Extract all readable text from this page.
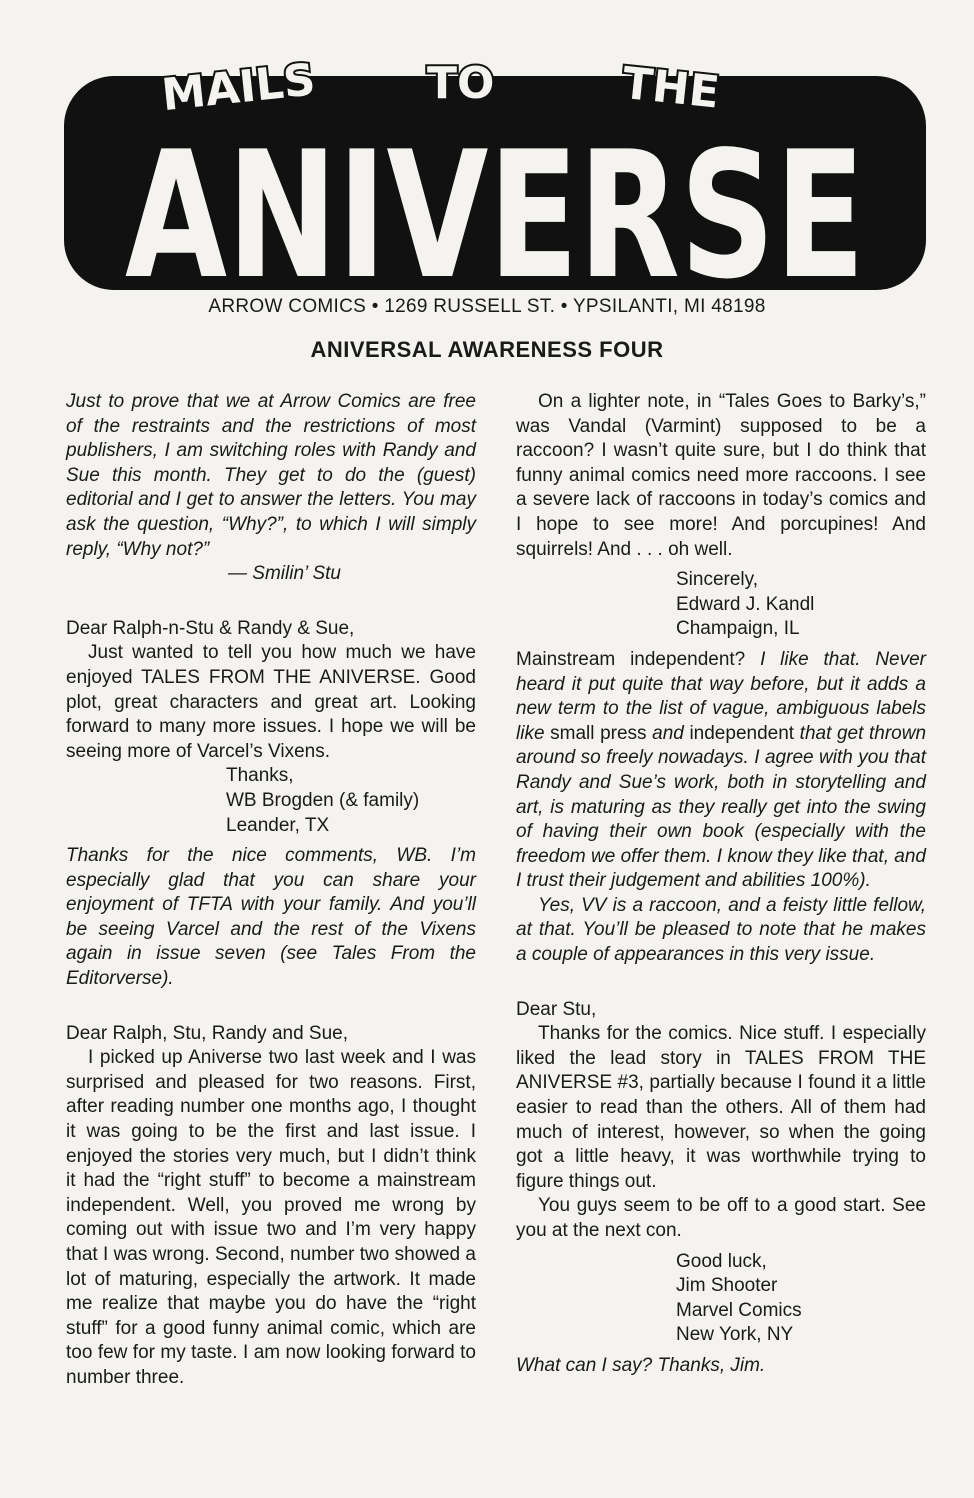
MAILS TO	THE
ANIVERSE
ARROW COMICS • 1269 RUSSELL ST. • YPSILANTI, MI 48198
ANIVERSAL AWARENESS FOUR

Just to prove that we at Arrow Comics are free of the restraints and the restrictions of most publishers, I am switching roles with Randy and Sue this month. They get to do the (guest) editorial and I get to answer the letters. You may ask the question, “Why?”, to which I will simply reply, “Why not?”

— Smilin’ Stu

Dear Ralph-n-Stu & Randy & Sue,

Just wanted to tell you how much we have enjoyed TALES FROM THE ANIVERSE. Good plot, great characters and great art. Looking forward to many more issues. I hope we will be seeing more of Varcel’s Vixens.

Thanks,

WB Brogden (& family)

Leander, TX

Thanks for the nice comments, WB. I’m especially glad that you can share your enjoyment of TFTA with your family. And you’ll be seeing Varcel and the rest of the Vixens again in issue seven (see Tales From the Editorverse).

Dear Ralph, Stu, Randy and Sue,

I picked up Aniverse two last week and I was surprised and pleased for two reasons. First, after reading number one months ago, I thought it was going to be the first and last issue. I enjoyed the stories very much, but I didn’t think it had the “right stuff” to become a mainstream independent. Well, you proved me wrong by coming out with issue two and I’m very happy that I was wrong. Second, number two showed a lot of maturing, especially the artwork. It made me realize that maybe you do have the “right stuff” for a good funny animal comic, which are too few for my taste. I am now looking forward to number three.

On a lighter note, in “Tales Goes to Barky’s,” was Vandal (Varmint) supposed to be a raccoon? I wasn’t quite sure, but I do think that funny animal comics need more raccoons. I see a severe lack of raccoons in today’s comics and I hope to see more! And porcupines! And squirrels! And . . . oh well.

Sincerely,

Edward J. Kandl

Champaign, IL

Mainstream independent? I like that. Never heard it put quite that way before, but it adds a new term to the list of vague, ambiguous labels like small press and independent that get thrown around so freely nowadays. I agree with you that Randy and Sue’s work, both in storytelling and art, is maturing as they really get into the swing of having their own book (especially with the freedom we offer them. I know they like that, and I trust their judgement and abilities 100%).

Yes, VV is a raccoon, and a feisty little fellow, at that. You’ll be pleased to note that he makes a couple of appearances in this very issue.

Dear Stu,

Thanks for the comics. Nice stuff. I especially liked the lead story in TALES FROM THE ANIVERSE #3, partially because I found it a little easier to read than the others. All of them had much of interest, however, so when the going got a little heavy, it was worthwhile trying to figure things out.

You guys seem to be off to a good start. See you at the next con.

Good luck,

Jim Shooter

Marvel Comics

New York, NY

What can I say? Thanks, Jim.
